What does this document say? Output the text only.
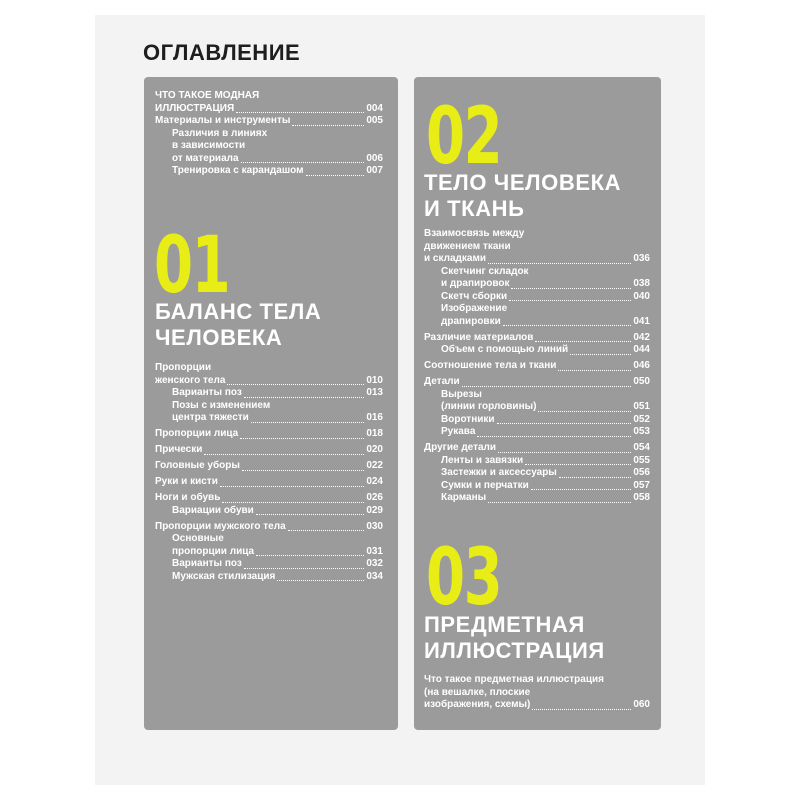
ОГЛАВЛЕНИЕ
ЧТО ТАКОЕ МОДНАЯ
ИЛЛЮСТРАЦИЯ	004
Материалы и инструменты	005
Различия в линиях
в зависимости
от материала	006
Тренировка с карандашом	007
01
БАЛАНС ТЕЛА
ЧЕЛОВЕКА
Пропорции
женского тела	010
Варианты поз	013
Позы с изменением
центра тяжести	016
Пропорции лица	018
Прически	020
Головные уборы	022
Руки и кисти	024
Ноги и обувь	026
Вариации обуви	029
Пропорции мужского тела	030
Основные
пропорции лица	031
Варианты поз	032
Мужская стилизация	034
02
ТЕЛО ЧЕЛОВЕКА
И ТКАНЬ
Взаимосвязь между
движением ткани
и складками	036
Скетчинг складок
и драпировок	038
Скетч сборки	040
Изображение
драпировки	041
Различие материалов	042
Объем с помощью линий	044
Соотношение тела и ткани	046
Детали	050
Вырезы
(линии горловины)	051
Воротники	052
Рукава	053
Другие детали	054
Ленты и завязки	055
Застежки и аксессуары	056
Сумки и перчатки	057
Карманы	058
03
ПРЕДМЕТНАЯ
ИЛЛЮСТРАЦИЯ
Что такое предметная иллюстрация
(на вешалке, плоские
изображения, схемы)	060
